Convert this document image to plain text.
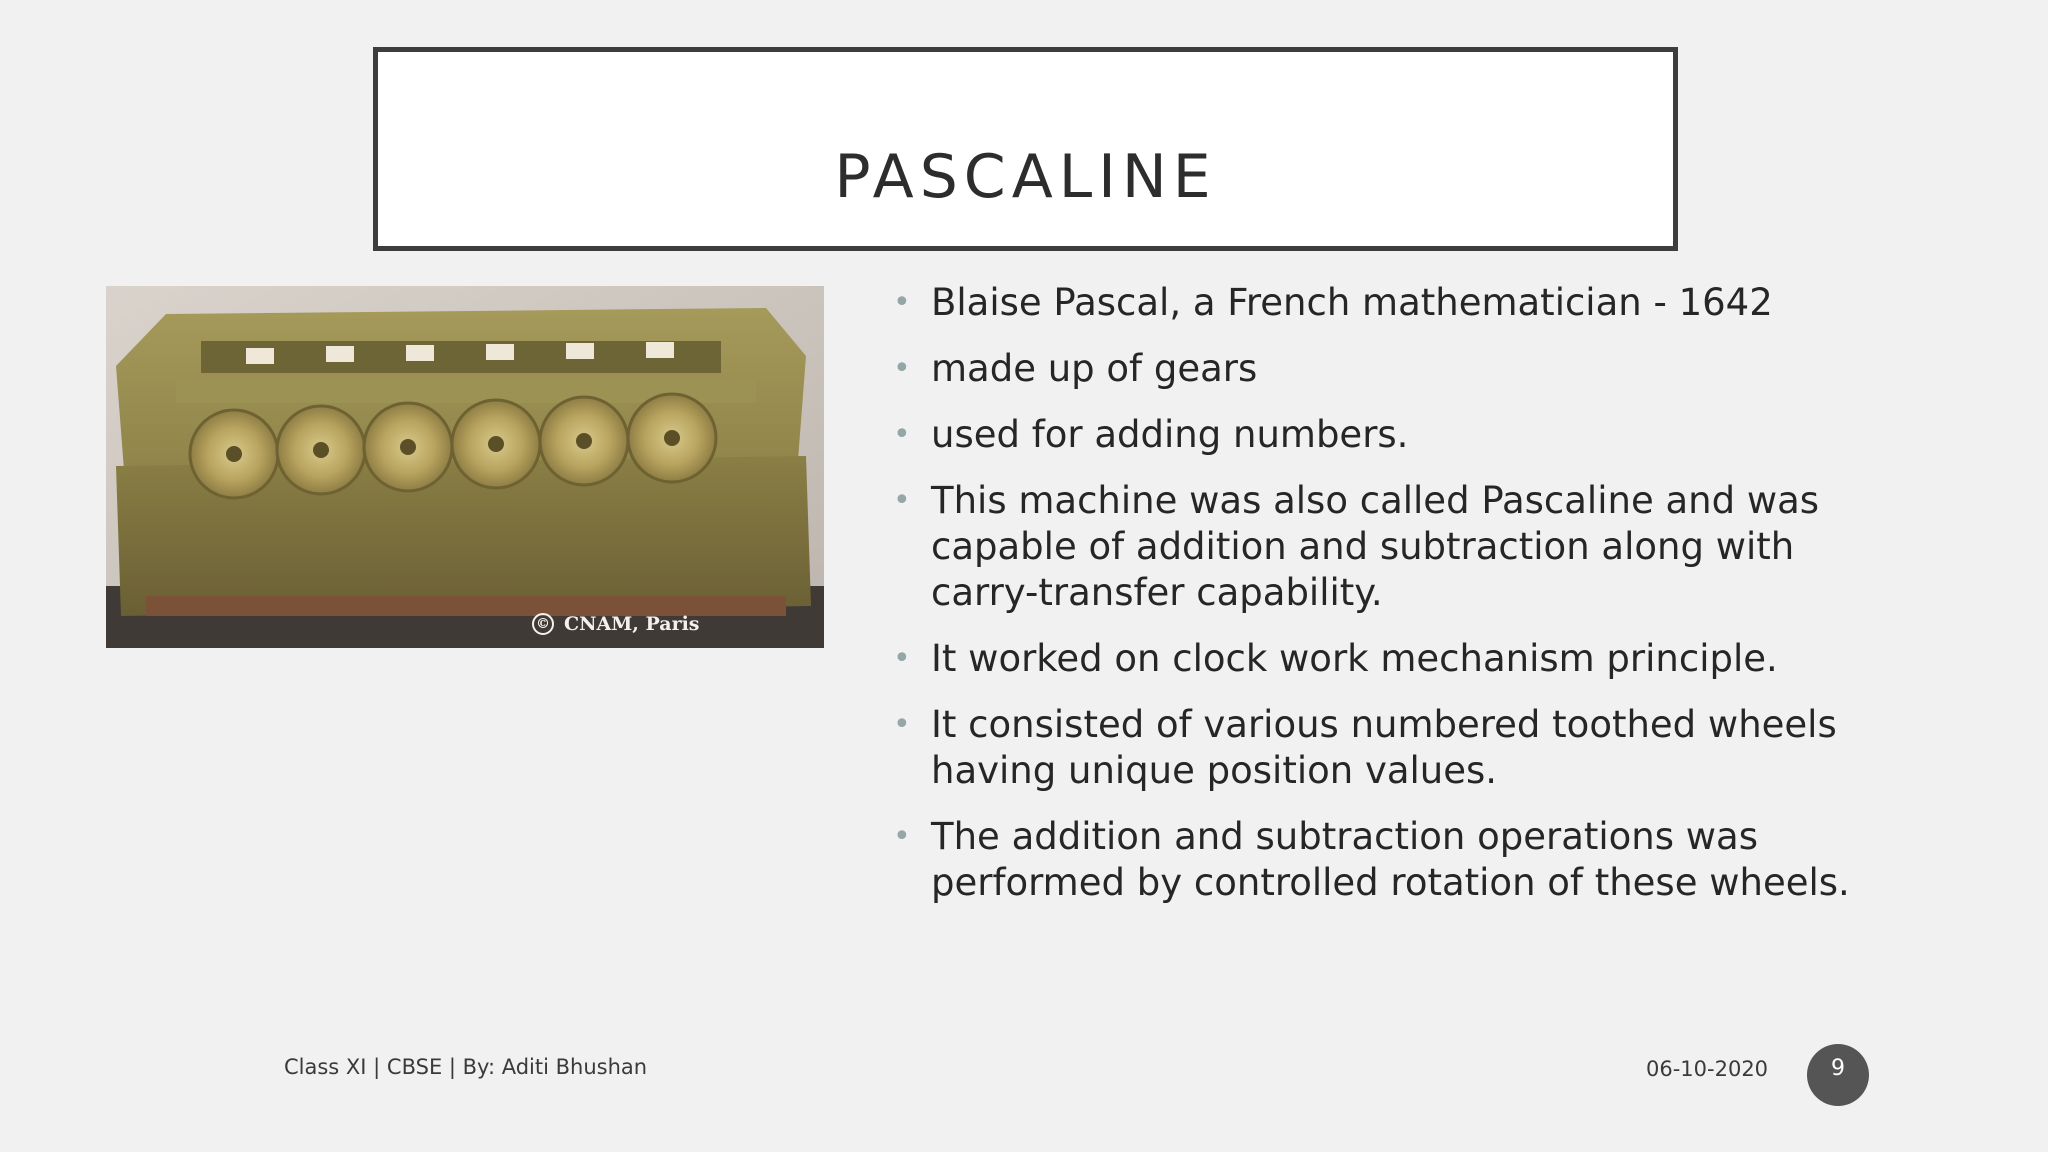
PASCALINE
© CNAM, Paris
• Blaise Pascal, a French mathematician - 1642
• made up of gears
• used for adding numbers.
• This machine was also called Pascaline and was capable of addition and subtraction along with carry-transfer capability.
• It worked on clock work mechanism principle.
• It consisted of various numbered toothed wheels having unique position values.
• The addition and subtraction operations was performed by controlled rotation of these wheels.
Class XI | CBSE | By: Aditi Bhushan	06-10-2020	9
